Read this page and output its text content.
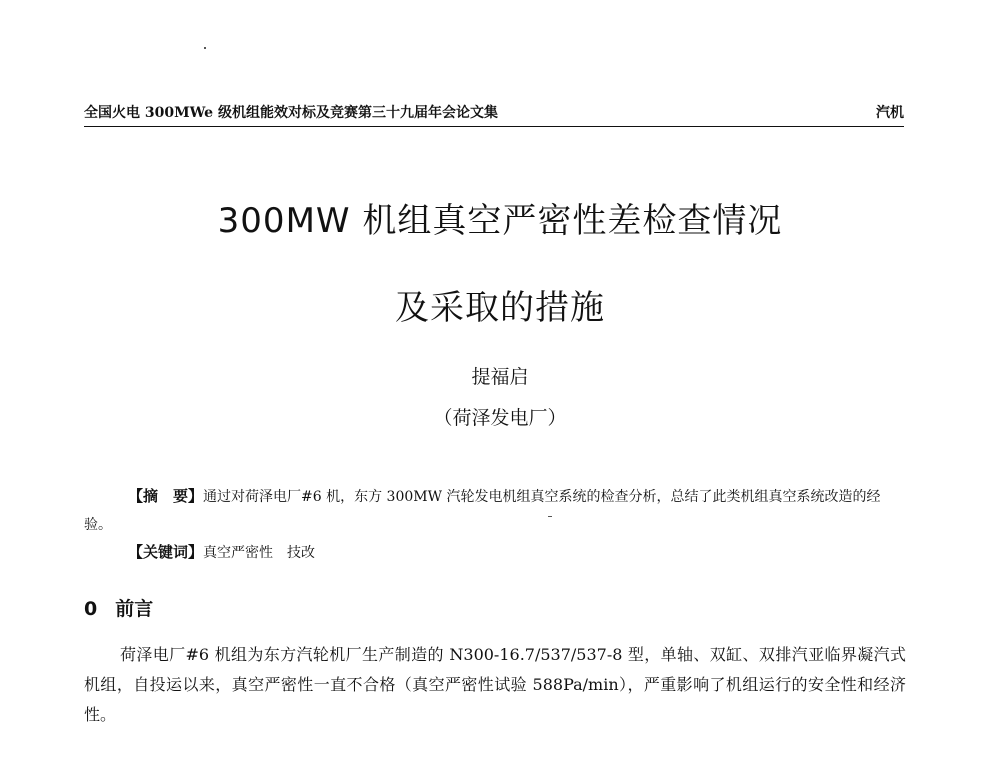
全国火电 300MWe 级机组能效对标及竞赛第三十九届年会论文集	汽机
300MW 机组真空严密性差检查情况
及采取的措施
提福启
（荷泽发电厂）
【摘　要】通过对荷泽电厂#6 机，东方 300MW 汽轮发电机组真空系统的检查分析，总结了此类机组真空系统改造的经验。
【关键词】真空严密性　技改
0 前言
荷泽电厂#6 机组为东方汽轮机厂生产制造的 N300-16.7/537/537-8 型，单轴、双缸、双排汽亚临界凝汽式机组，自投运以来，真空严密性一直不合格（真空严密性试验 588Pa/min），严重影响了机组运行的安全性和经济性。
